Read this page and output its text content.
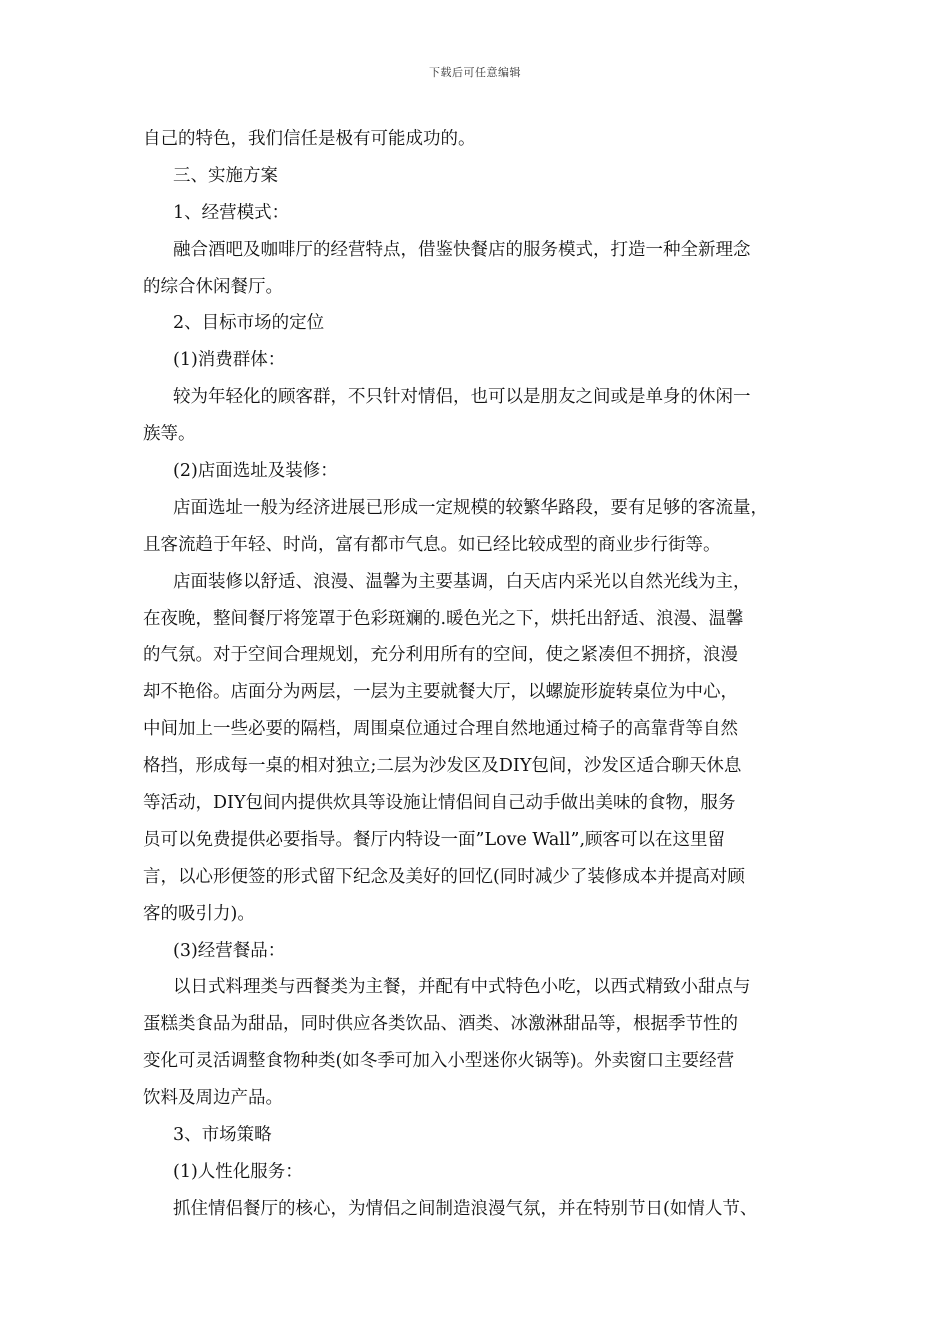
下载后可任意编辑
自己的特色，我们信任是极有可能成功的。
三、实施方案
1、经营模式：
融合酒吧及咖啡厅的经营特点，借鉴快餐店的服务模式，打造一种全新理念
的综合休闲餐厅。
2、目标市场的定位
(1)消费群体：
较为年轻化的顾客群，不只针对情侣，也可以是朋友之间或是单身的休闲一
族等。
(2)店面选址及装修：
店面选址一般为经济进展已形成一定规模的较繁华路段，要有足够的客流量，
且客流趋于年轻、时尚，富有都市气息。如已经比较成型的商业步行街等。
店面装修以舒适、浪漫、温馨为主要基调，白天店内采光以自然光线为主，
在夜晚，整间餐厅将笼罩于色彩斑斓的.暖色光之下，烘托出舒适、浪漫、温馨
的气氛。对于空间合理规划，充分利用所有的空间，使之紧凑但不拥挤，浪漫
却不艳俗。店面分为两层，一层为主要就餐大厅，以螺旋形旋转桌位为中心，
中间加上一些必要的隔档，周围桌位通过合理自然地通过椅子的高靠背等自然
格挡，形成每一桌的相对独立;二层为沙发区及DIY包间，沙发区适合聊天休息
等活动，DIY包间内提供炊具等设施让情侣间自己动手做出美味的食物，服务
员可以免费提供必要指导。餐厅内特设一面”Love Wall”,顾客可以在这里留
言，以心形便签的形式留下纪念及美好的回忆(同时减少了装修成本并提高对顾
客的吸引力)。
(3)经营餐品：
以日式料理类与西餐类为主餐，并配有中式特色小吃，以西式精致小甜点与
蛋糕类食品为甜品，同时供应各类饮品、酒类、冰激淋甜品等，根据季节性的
变化可灵活调整食物种类(如冬季可加入小型迷你火锅等)。外卖窗口主要经营
饮料及周边产品。
3、市场策略
(1)人性化服务：
抓住情侣餐厅的核心，为情侣之间制造浪漫气氛，并在特别节日(如情人节、
